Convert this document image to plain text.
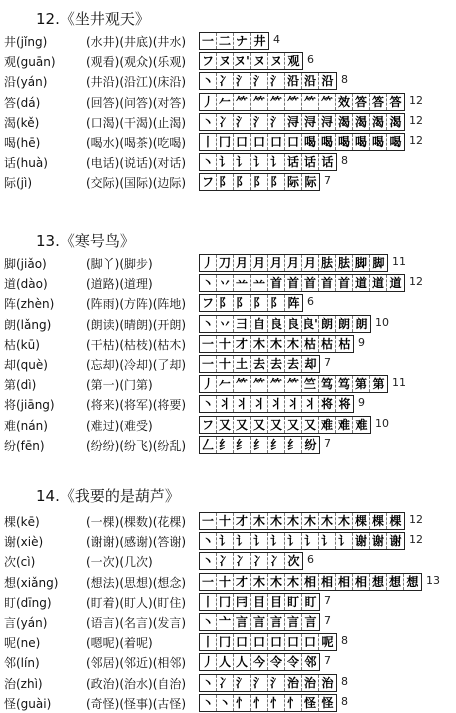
12.《坐井观天》
井(jǐng)	(水井)(井底)(井水) 一 二 ナ 井 4
观(guān)	(观看)(观众)(乐观) フ ヌ ヌ' ヌ ヌ 观 6
沿(yán)	(井沿)(沿江)(床沿) 丶 冫 氵 氵 氵 沿 沿 沿 8
答(dá)	(回答)(问答)(对答) 丿 𠂉 ⺮ ⺮ ⺮ ⺮ ⺮ ⺮ 效 答 答 答 12
渴(kě)	(口渴)(干渴)(止渴) 丶 冫 氵 氵 氵 浔 浔 浔 渴 渴 渴 渴 12
喝(hē)	(喝水)(喝茶)(吃喝) 丨 冂 口 口 口 口 喝 喝 喝 喝 喝 喝 12
话(huà)	(电话)(说话)(对话) 丶 讠 讠 讠 讠 话 话 话 8
际(jì)	(交际)(国际)(边际) フ 阝 阝 阝 阝 际 际 7
13.《寒号鸟》
脚(jiǎo)	(脚丫)(脚步)	丿 刀 月 月 月 月 月 胠 胠 脚 脚 11
道(dào)	(道路)(道理)	丶 丷 䒑 䒑 首 首 首 首 首 道 道 道 12
阵(zhèn)	(阵雨)(方阵)(阵地) フ 阝 阝 阝 阝 阵 6
朗(lǎng)	(朗读)(晴朗)(开朗) 丶 丷 彐 自 良 良 良' 朗 朗 朗 10
枯(kū)	(干枯)(枯枝)(枯木) 一 十 才 木 木 木 枯 枯 枯 9
却(què)	(忘却)(冷却)(了却) 一 十 土 去 去 去 却 7
第(dì)	(第一)(门第)	丿 𠂉 ⺮ ⺮ ⺮ ⺮ 竺 笃 笃 第 第 11
将(jiāng)	(将来)(将军)(将要) 丶 丬 丬 丬 丬 丬 丬 将 将 9
难(nán)	(难过)(难受)	フ 又 又 又 又 又 又 难 难 难 10
纷(fēn)	(纷纷)(纷飞)(纷乱) 𠃋 纟 纟 纟 纟 纟 纷 7
14.《我要的是葫芦》
棵(kē)	(一棵)(棵数)(花棵) 一 十 才 木 木 木 木 木 木 棵 棵 棵 12
谢(xiè)	(谢谢)(感谢)(答谢) 丶 讠 讠 讠 讠 讠 讠 讠 讠 谢 谢 谢 12
次(cì)	(一次)(几次)	丶 冫 冫 冫 冫 次 6
想(xiǎng) (想法)(思想)(想念) 一 十 才 木 木 木 相 相 相 相 想 想 想 13
盯(dīng)	(盯着)(盯人)(盯住) 丨 冂 冃 目 目 盯 盯 7
言(yán)	(语言)(名言)(发言) 丶 亠 言 言 言 言 言 7
呢(ne)	(嗯呢)(着呢)	丨 冂 口 口 口 口 口 呢 8
邻(lín)	(邻居)(邻近)(相邻) 丿 人 人 今 令 令 邻 7
治(zhì)	(政治)(治水)(自治) 丶 冫 氵 氵 氵 治 治 治 8
怪(guài)	(奇怪)(怪事)(古怪) 丶 丶 忄 忄 忄 忄 怪 怪 8
